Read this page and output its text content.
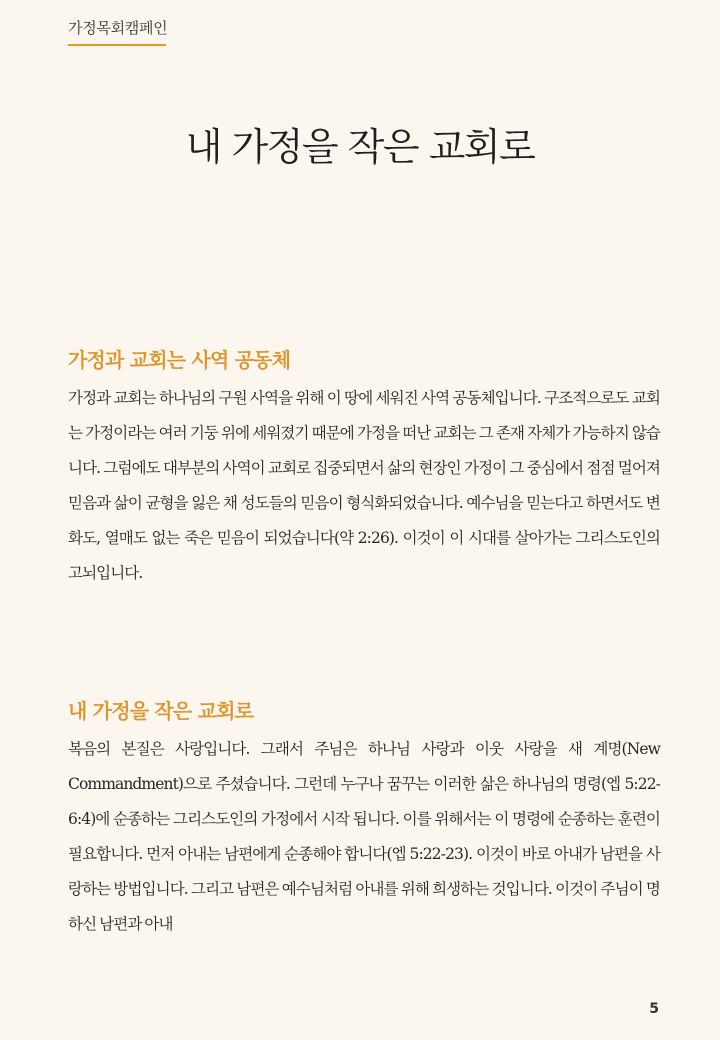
가정목회캠페인
내 가정을 작은 교회로
가정과 교회는 사역 공동체

가정과 교회는 하나님의 구원 사역을 위해 이 땅에 세워진 사역 공동체입니다. 구조적으로도 교회는 가정이라는 여러 기둥 위에 세워졌기 때문에 가정을 떠난 교회는 그 존재 자체가 가능하지 않습니다. 그럼에도 대부분의 사역이 교회로 집중되면서 삶의 현장인 가정이 그 중심에서 점점 멀어져 믿음과 삶이 균형을 잃은 채 성도들의 믿음이 형식화되었습니다. 예수님을 믿는다고 하면서도 변화도, 열매도 없는 죽은 믿음이 되었습니다(약 2:26). 이것이 이 시대를 살아가는 그리스도인의 고뇌입니다.

내 가정을 작은 교회로

복음의 본질은 사랑입니다. 그래서 주님은 하나님 사랑과 이웃 사랑을 새 계명(New Commandment)으로 주셨습니다. 그런데 누구나 꿈꾸는 이러한 삶은 하나님의 명령(엡 5:22-6:4)에 순종하는 그리스도인의 가정에서 시작 됩니다. 이를 위해서는 이 명령에 순종하는 훈련이 필요합니다. 먼저 아내는 남편에게 순종해야 합니다(엡 5:22-23). 이것이 바로 아내가 남편을 사랑하는 방법입니다. 그리고 남편은 예수님처럼 아내를 위해 희생하는 것입니다. 이것이 주님이 명하신 남편과 아내

5
